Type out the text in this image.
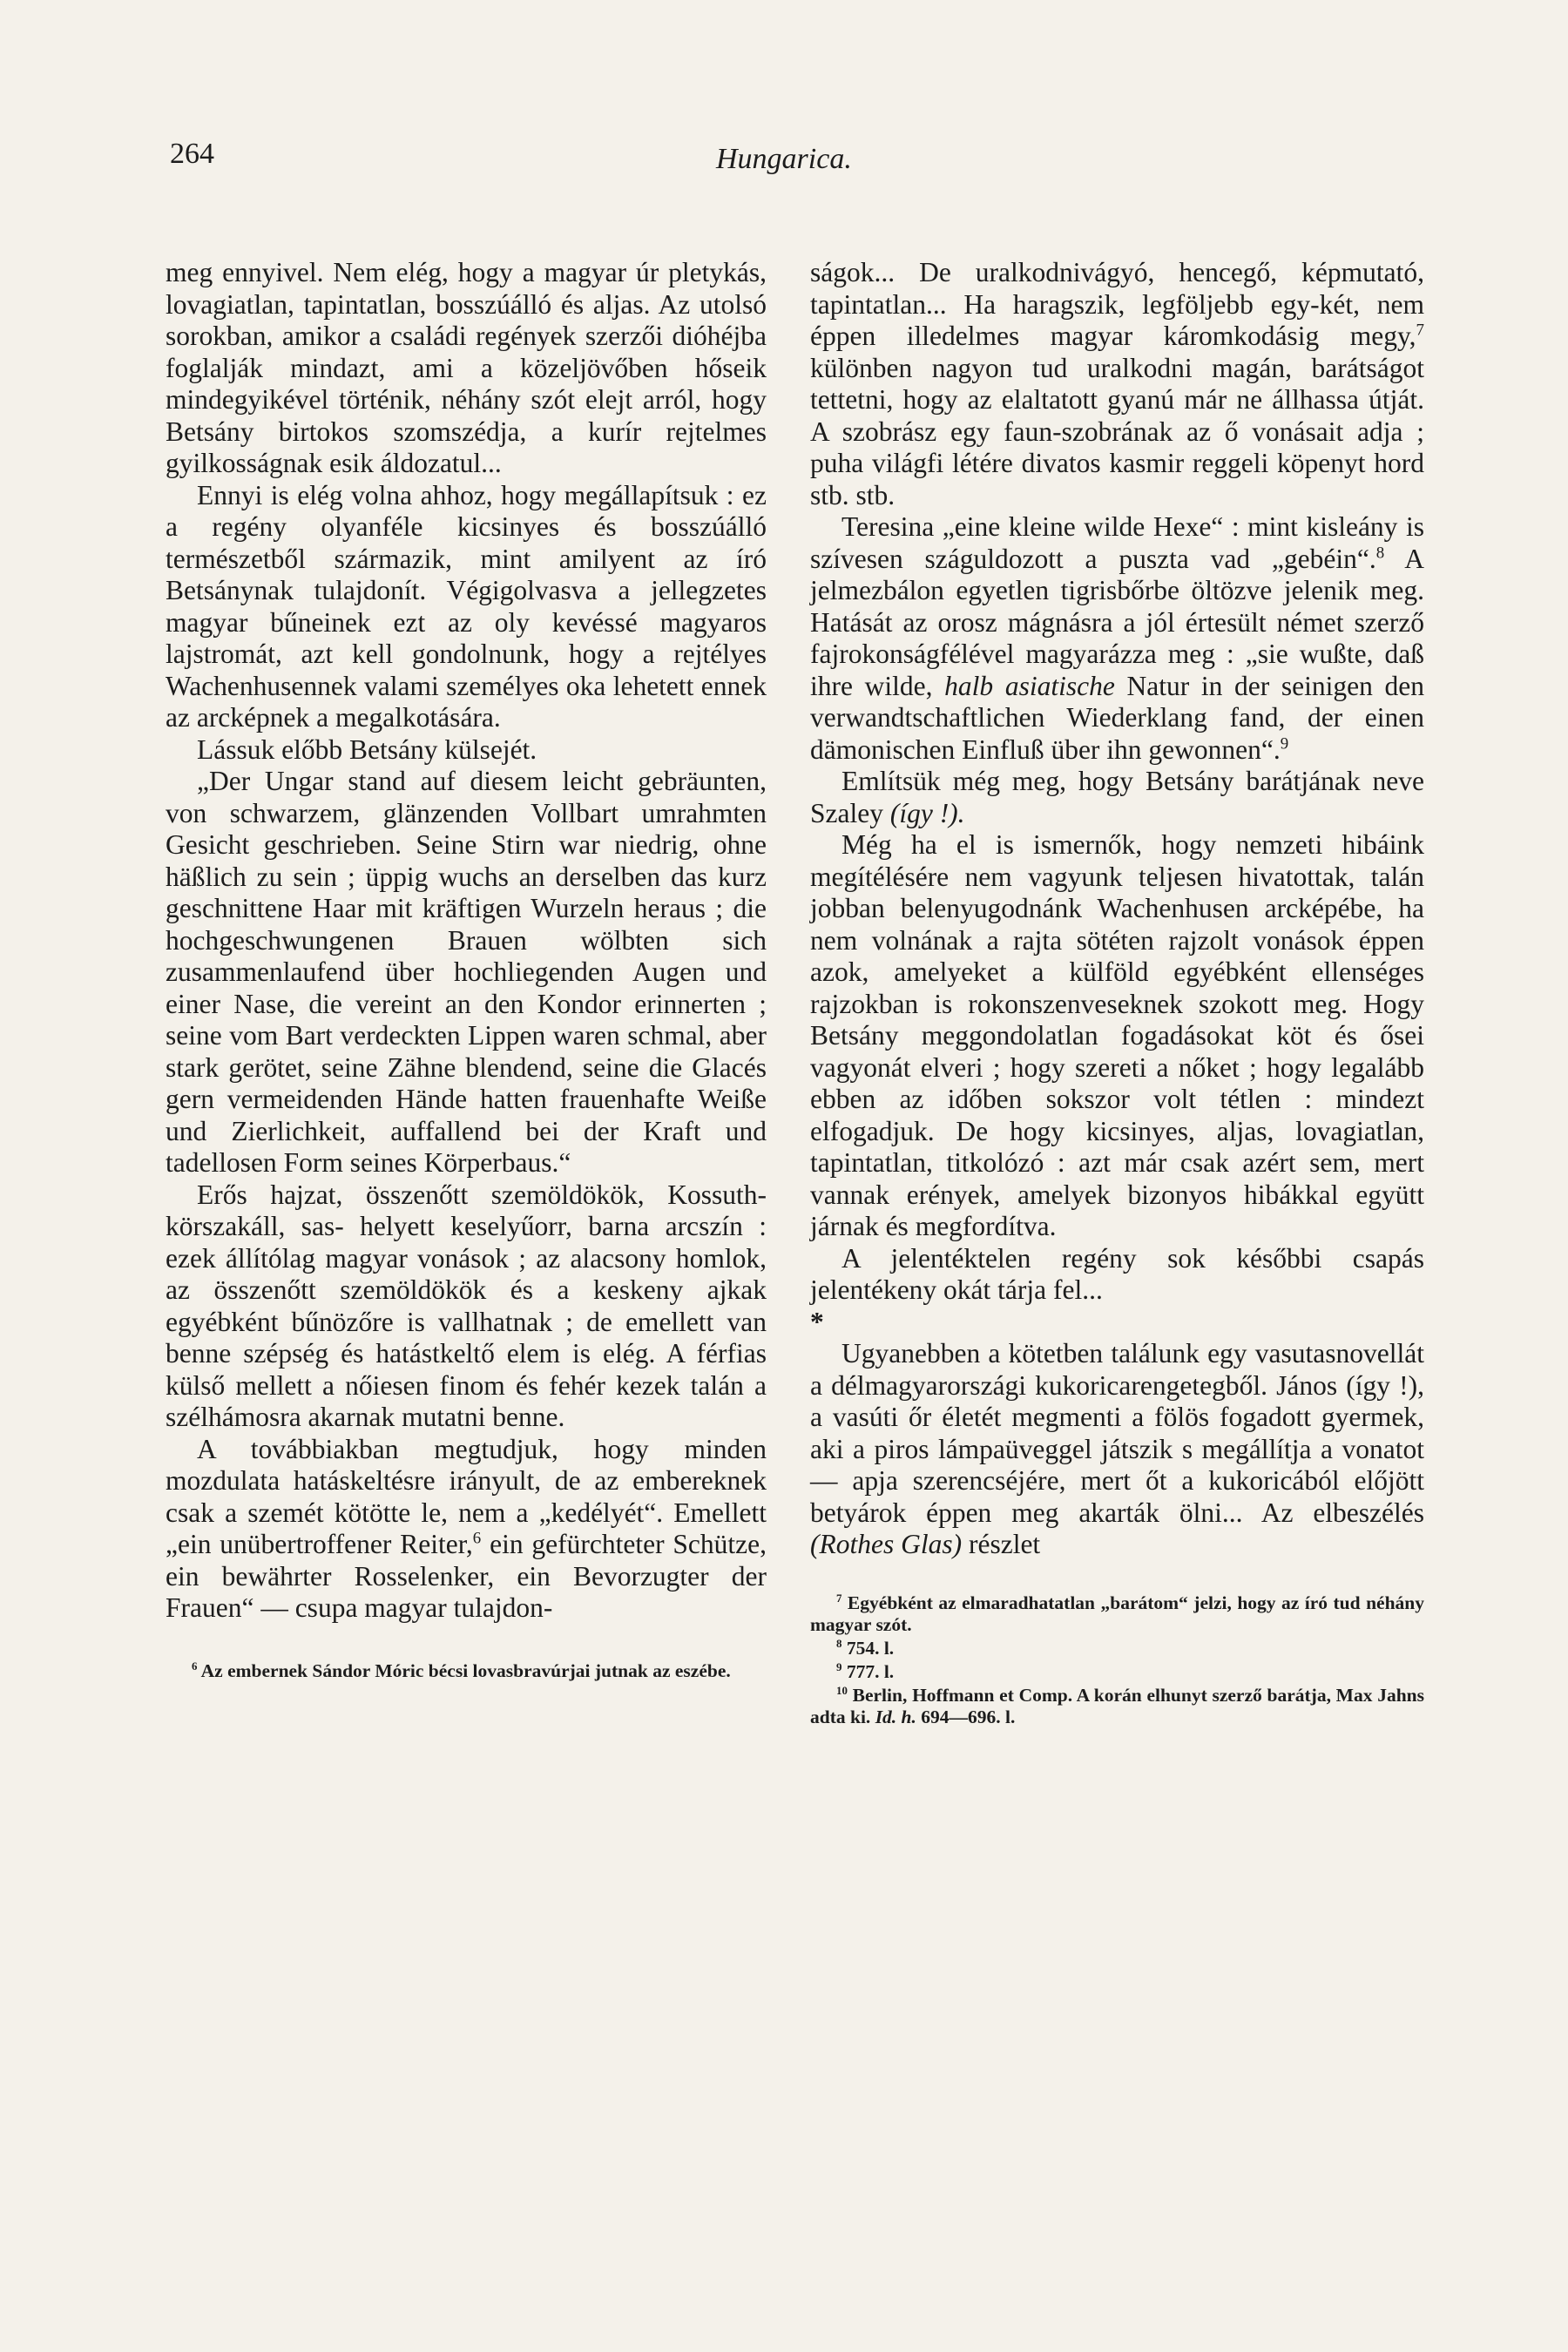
264	Hungarica.

meg ennyivel. Nem elég, hogy a magyar úr pletykás, lovagiatlan, tapintatlan, bosszúálló és aljas. Az utolsó sorokban, amikor a családi regények szerzői dióhéjba foglalják mindazt, ami a közeljövőben hőseik mindegyikével történik, néhány szót elejt arról, hogy Betsány birtokos szomszédja, a kurír rejtelmes gyilkosságnak esik áldozatul...

Ennyi is elég volna ahhoz, hogy megállapítsuk : ez a regény olyanféle kicsinyes és bosszúálló természetből származik, mint amilyent az író Betsánynak tulajdonít. Végigolvasva a jellegzetes magyar bűneinek ezt az oly kevéssé magyaros lajstromát, azt kell gondolnunk, hogy a rejtélyes Wachenhusennek valami személyes oka lehetett ennek az arcképnek a megalkotására.

Lássuk előbb Betsány külsejét.

„Der Ungar stand auf diesem leicht gebräunten, von schwarzem, glänzenden Vollbart umrahmten Gesicht geschrieben. Seine Stirn war niedrig, ohne häßlich zu sein ; üppig wuchs an derselben das kurz geschnittene Haar mit kräftigen Wurzeln heraus ; die hochgeschwungenen Brauen wölbten sich zusammenlaufend über hochliegenden Augen und einer Nase, die vereint an den Kondor erinnerten ; seine vom Bart verdeckten Lippen waren schmal, aber stark gerötet, seine Zähne blendend, seine die Glacés gern vermeidenden Hände hatten frauenhafte Weiße und Zierlichkeit, auffallend bei der Kraft und tadellosen Form seines Körperbaus.“

Erős hajzat, összenőtt szemöldökök, Kossuth-körszakáll, sas- helyett keselyűorr, barna arcszín : ezek állítólag magyar vonások ; az alacsony homlok, az összenőtt szemöldökök és a keskeny ajkak egyébként bűnözőre is vallhatnak ; de emellett van benne szépség és hatástkeltő elem is elég. A férfias külső mellett a nőiesen finom és fehér kezek talán a szélhámosra akarnak mutatni benne.

A továbbiakban megtudjuk, hogy minden mozdulata hatáskeltésre irányult, de az embereknek csak a szemét kötötte le, nem a „kedélyét“. Emellett „ein unübertroffener Reiter,$^6$ ein gefürchteter Schütze, ein bewährter Rosselenker, ein Bevorzugter der Frauen“ — csupa magyar tulajdon-

$^6$ Az embernek Sándor Móric bécsi lovasbravúrjai jutnak az eszébe.

ságok... De uralkodnivágyó, hencegő, képmutató, tapintatlan... Ha haragszik, legföljebb egy-két, nem éppen illedelmes magyar káromkodásig megy,$^7$ különben nagyon tud uralkodni magán, barátságot tettetni, hogy az elaltatott gyanú már ne állhassa útját. A szobrász egy faun-szobrának az ő vonásait adja ; puha világfi létére divatos kasmir reggeli köpenyt hord stb. stb.

Teresina „eine kleine wilde Hexe“ : mint kisleány is szívesen száguldozott a puszta vad „gebéin“.$^8$ A jelmezbálon egyetlen tigrisbőrbe öltözve jelenik meg. Hatását az orosz mágnásra a jól értesült német szerző fajrokonságfélével magyarázza meg : „sie wußte, daß ihre wilde, halb asiatische Natur in der seinigen den verwandtschaftlichen Wiederklang fand, der einen dämonischen Einfluß über ihn gewonnen“.$^9$

Említsük még meg, hogy Betsány barátjának neve Szaley (így !).

Még ha el is ismernők, hogy nemzeti hibáink megítélésére nem vagyunk teljesen hivatottak, talán jobban belenyugodnánk Wachenhusen arcképébe, ha nem volnának a rajta sötéten rajzolt vonások éppen azok, amelyeket a külföld egyébként ellenséges rajzokban is rokonszenveseknek szokott meg. Hogy Betsány meggondolatlan fogadásokat köt és ősei vagyonát elveri ; hogy szereti a nőket ; hogy legalább ebben az időben sokszor volt tétlen : mindezt elfogadjuk. De hogy kicsinyes, aljas, lovagiatlan, tapintatlan, titkolózó : azt már csak azért sem, mert vannak erények, amelyek bizonyos hibákkal együtt járnak és megfordítva.

A jelentéktelen regény sok későbbi csapás jelentékeny okát tárja fel...

*

Ugyanebben a kötetben találunk egy vasutasnovellát a délmagyarországi kukoricarengetegből. János (így !), a vasúti őr életét megmenti a fölös fogadott gyermek, aki a piros lámpaüveggel játszik s megállítja a vonatot — apja szerencséjére, mert őt a kukoricából előjött betyárok éppen meg akarták ölni... Az elbeszélés (Rothes Glas) részlet

$^7$ Egyébként az elmaradhatatlan „barátom“ jelzi, hogy az író tud néhány magyar szót.

$^8$ 754. l.

$^9$ 777. l.

$^{10}$ Berlin, Hoffmann et Comp. A korán elhunyt szerző barátja, Max Jahns adta ki. Id. h. 694—696. l.
